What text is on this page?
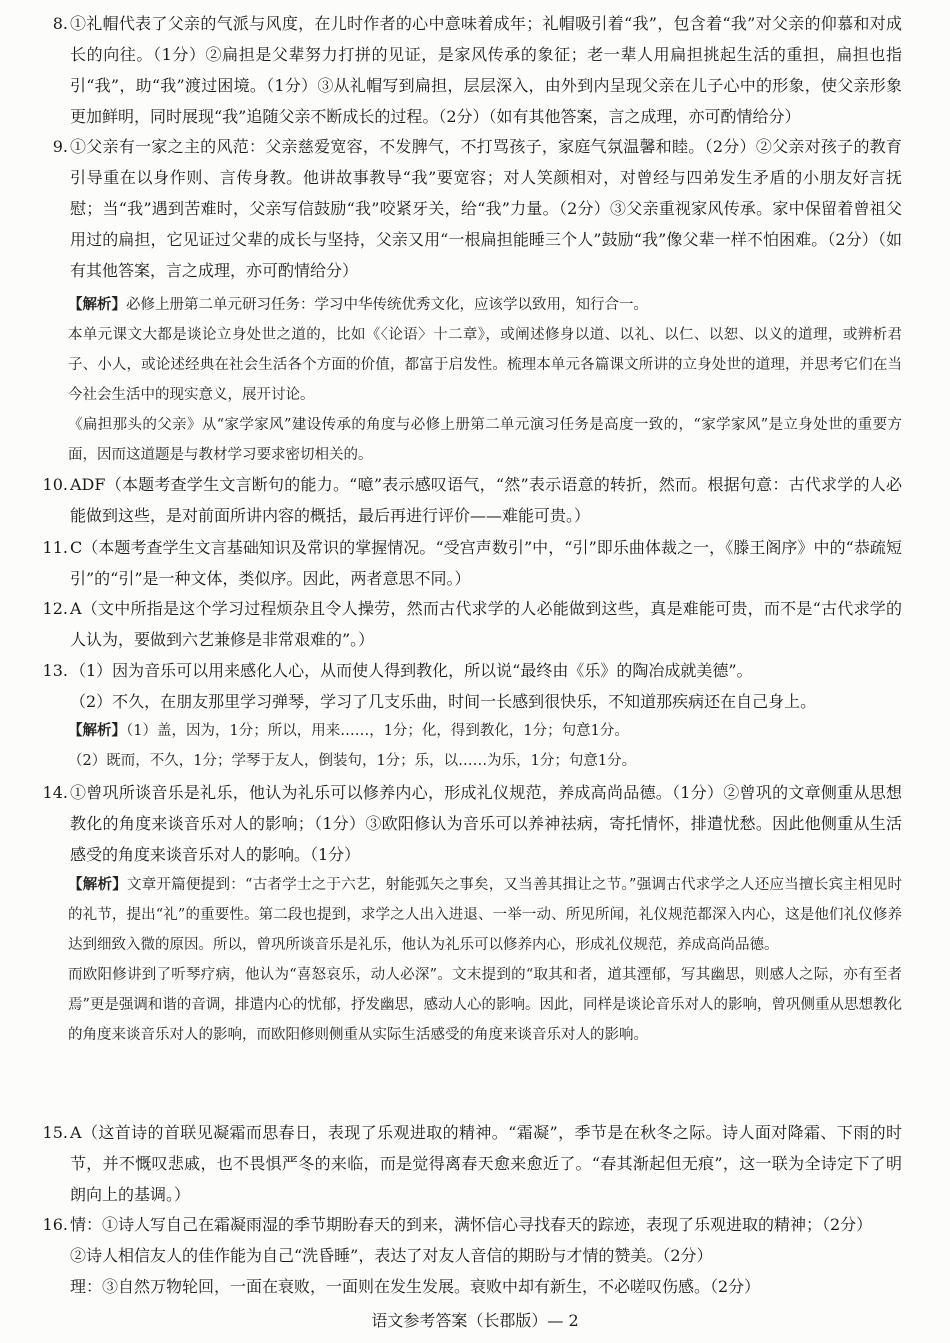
8. ①礼帽代表了父亲的气派与风度，在儿时作者的心中意味着成年；礼帽吸引着“我”，包含着“我”对父亲的仰慕和对成长的向往。（1分）②扁担是父辈努力打拼的见证，是家风传承的象征；老一辈人用扁担挑起生活的重担，扁担也指引“我”，助“我”渡过困境。（1分）③从礼帽写到扁担，层层深入，由外到内呈现父亲在儿子心中的形象，使父亲形象更加鲜明，同时展现“我”追随父亲不断成长的过程。（2分）（如有其他答案，言之成理，亦可酌情给分）

9. ①父亲有一家之主的风范：父亲慈爱宽容，不发脾气，不打骂孩子，家庭气氛温馨和睦。（2分）②父亲对孩子的教育引导重在以身作则、言传身教。他讲故事教导“我”要宽容；对人笑颜相对，对曾经与四弟发生矛盾的小朋友好言抚慰；当“我”遇到苦难时，父亲写信鼓励“我”咬紧牙关，给“我”力量。（2分）③父亲重视家风传承。家中保留着曾祖父用过的扁担，它见证过父辈的成长与坚持，父亲又用“一根扁担能睡三个人”鼓励“我”像父辈一样不怕困难。（2分）（如有其他答案，言之成理，亦可酌情给分）

【解析】必修上册第二单元研习任务：学习中华传统优秀文化，应该学以致用，知行合一。

本单元课文大都是谈论立身处世之道的，比如《〈论语〉十二章》，或阐述修身以道、以礼、以仁、以恕、以义的道理，或辨析君子、小人，或论述经典在社会生活各个方面的价值，都富于启发性。梳理本单元各篇课文所讲的立身处世的道理，并思考它们在当今社会生活中的现实意义，展开讨论。

《扁担那头的父亲》从“家学家风”建设传承的角度与必修上册第二单元演习任务是高度一致的，“家学家风”是立身处世的重要方面，因而这道题是与教材学习要求密切相关的。

10. ADF（本题考查学生文言断句的能力。“噫”表示感叹语气，“然”表示语意的转折，然而。根据句意：古代求学的人必能做到这些，是对前面所讲内容的概括，最后再进行评价——难能可贵。）

11. C（本题考查学生文言基础知识及常识的掌握情况。“受宫声数引”中，“引”即乐曲体裁之一，《滕王阁序》中的“恭疏短引”的“引”是一种文体，类似序。因此，两者意思不同。）

12. A（文中所指是这个学习过程烦杂且令人操劳，然而古代求学的人必能做到这些，真是难能可贵，而不是“古代求学的人认为，要做到六艺兼修是非常艰难的”。）

13. （1）因为音乐可以用来感化人心，从而使人得到教化，所以说“最终由《乐》的陶冶成就美德”。

（2）不久，在朋友那里学习弹琴，学习了几支乐曲，时间一长感到很快乐，不知道那疾病还在自己身上。

【解析】（1）盖，因为，1分；所以，用来……，1分；化，得到教化，1分；句意1分。

（2）既而，不久，1分；学琴于友人，倒装句，1分；乐，以……为乐，1分；句意1分。

14. ①曾巩所谈音乐是礼乐，他认为礼乐可以修养内心，形成礼仪规范，养成高尚品德。（1分）②曾巩的文章侧重从思想教化的角度来谈音乐对人的影响；（1分）③欧阳修认为音乐可以养神祛病，寄托情怀，排遣忧愁。因此他侧重从生活感受的角度来谈音乐对人的影响。（1分）

【解析】文章开篇便提到：“古者学士之于六艺，射能弧矢之事矣，又当善其揖让之节。”强调古代求学之人还应当擅长宾主相见时的礼节，提出“礼”的重要性。第二段也提到，求学之人出入进退、一举一动、所见所闻，礼仪规范都深入内心，这是他们礼仪修养达到细致入微的原因。所以，曾巩所谈音乐是礼乐，他认为礼乐可以修养内心，形成礼仪规范，养成高尚品德。

而欧阳修讲到了听琴疗病，他认为“喜怒哀乐，动人必深”。文末提到的“取其和者，道其湮郁，写其幽思，则感人之际，亦有至者焉”更是强调和谐的音调，排遣内心的忧郁，抒发幽思，感动人心的影响。因此，同样是谈论音乐对人的影响，曾巩侧重从思想教化的角度来谈音乐对人的影响，而欧阳修则侧重从实际生活感受的角度来谈音乐对人的影响。

15. A（这首诗的首联见凝霜而思春日，表现了乐观进取的精神。“霜凝”，季节是在秋冬之际。诗人面对降霜、下雨的时节，并不慨叹悲戚，也不畏惧严冬的来临，而是觉得离春天愈来愈近了。“春其渐起但无痕”，这一联为全诗定下了明朗向上的基调。）

16. 情：①诗人写自己在霜凝雨湿的季节期盼春天的到来，满怀信心寻找春天的踪迹，表现了乐观进取的精神；（2分）

②诗人相信友人的佳作能为自己“洗昏睡”，表达了对友人音信的期盼与才情的赞美。（2分）

理：③自然万物轮回，一面在衰败，一面则在发生发展。衰败中却有新生，不必嗟叹伤感。（2分）

语文参考答案（长郡版）— 2
